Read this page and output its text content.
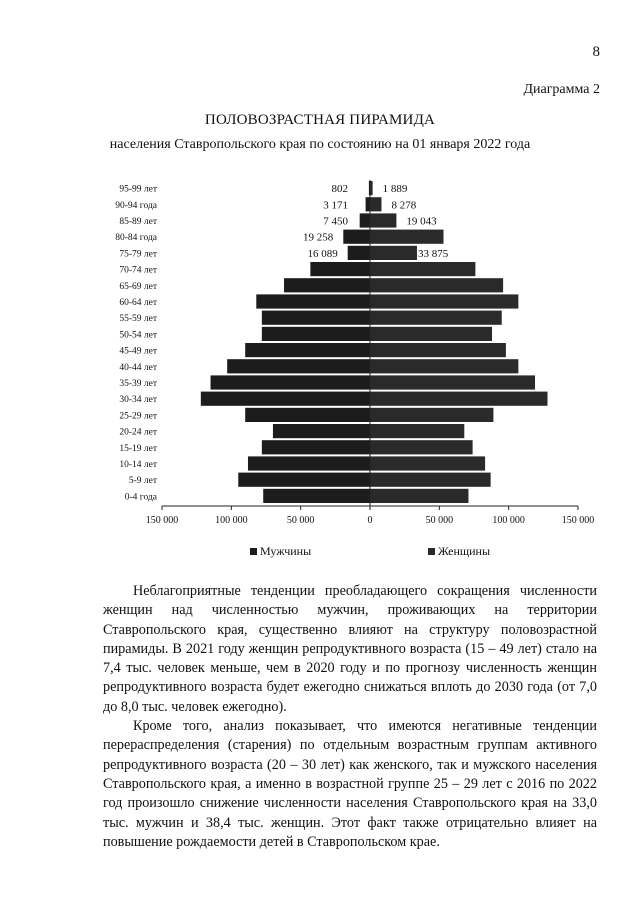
8
Диаграмма 2
ПОЛОВОЗРАСТНАЯ ПИРАМИДА
населения Ставропольского края по состоянию на 01 января 2022 года
95-99 лет	802	1 889
90-94 года	3 171	8 278
85-89 лет	7 450	19 043
80-84 года	19 258
75-79 лет	16 089	33 875
70-74 лет
65-69 лет
60-64 лет
55-59 лет
50-54 лет
45-49 лет
40-44 лет
35-39 лет
30-34 лет
25-29 лет
20-24 лет
15-19 лет
10-14 лет
5-9 лет
0-4 года
150 000	100 000	50 000	0	50 000	100 000	150 000
Мужчины	Женщины

Неблагоприятные тенденции преобладающего сокращения численности женщин над численностью мужчин, проживающих на территории Ставропольского края, существенно влияют на структуру половозрастной пирамиды. В 2021 году женщин репродуктивного возраста (15 – 49 лет) стало на 7,4 тыс. человек меньше, чем в 2020 году и по прогнозу численность женщин репродуктивного возраста будет ежегодно снижаться вплоть до 2030 года (от 7,0 до 8,0 тыс. человек ежегодно).

Кроме того, анализ показывает, что имеются негативные тенденции перераспределения (старения) по отдельным возрастным группам активного репродуктивного возраста (20 – 30 лет) как женского, так и мужского населения Ставропольского края, а именно в возрастной группе 25 – 29 лет с 2016 по 2022 год произошло снижение численности населения Ставропольского края на 33,0 тыс. мужчин и 38,4 тыс. женщин. Этот факт также отрицательно влияет на повышение рождаемости детей в Ставропольском крае.
